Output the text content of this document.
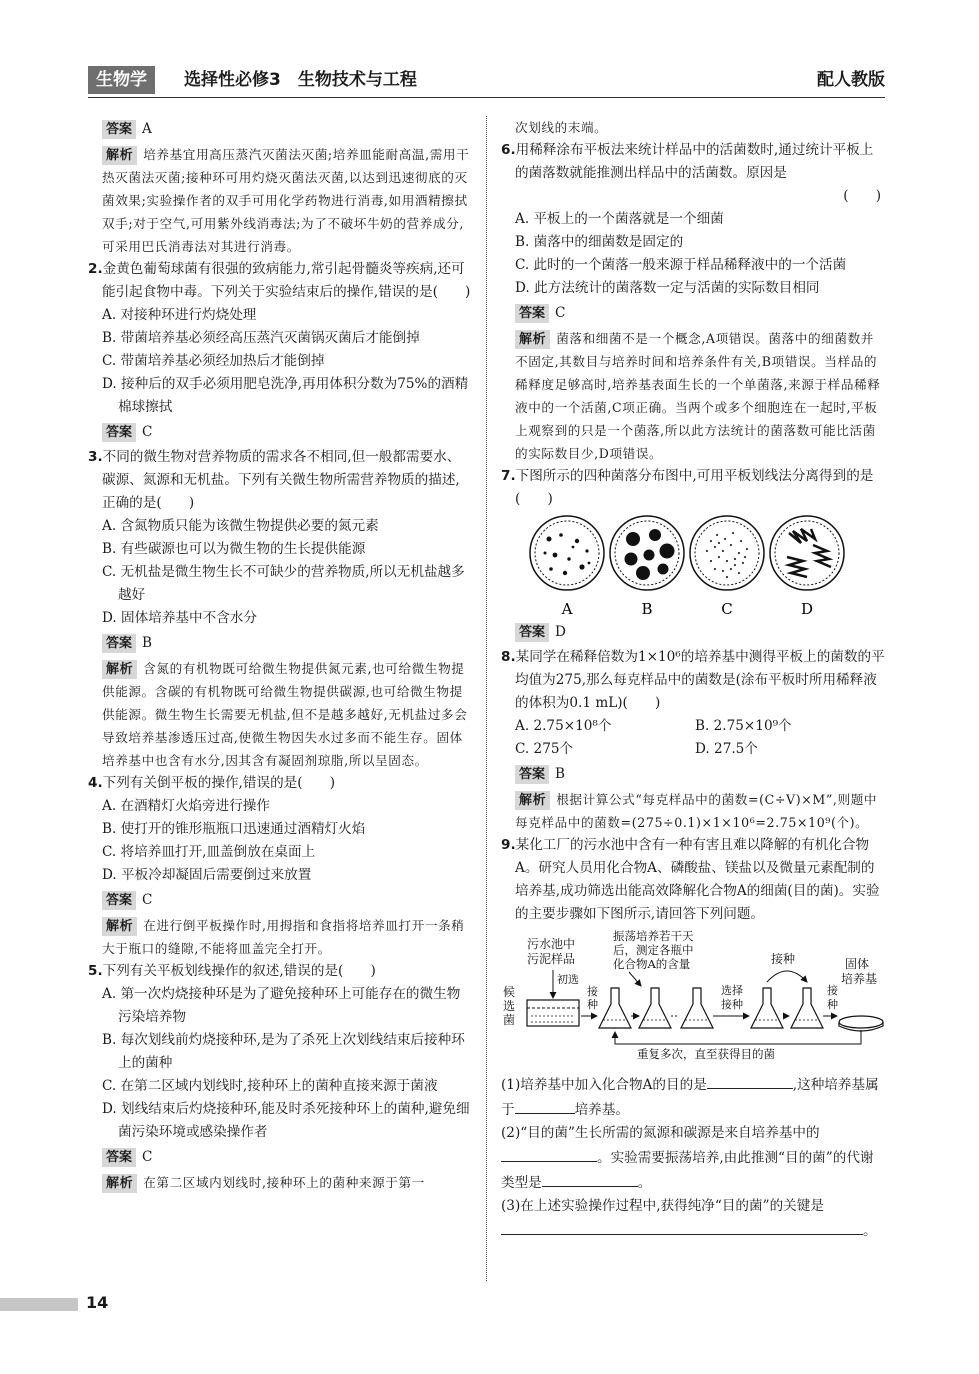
生物学	选择性必修3　生物技术与工程	配人教版

答案 A

解析 培养基宜用高压蒸汽灭菌法灭菌;培养皿能耐高温,需用干热灭菌法灭菌;接种环可用灼烧灭菌法灭菌,以达到迅速彻底的灭菌效果;实验操作者的双手可用化学药物进行消毒,如用酒精擦拭双手;对于空气,可用紫外线消毒法;为了不破坏牛奶的营养成分,可采用巴氏消毒法对其进行消毒。

2.金黄色葡萄球菌有很强的致病能力,常引起骨髓炎等疾病,还可能引起食物中毒。下列关于实验结束后的操作,错误的是(　　)

A. 对接种环进行灼烧处理

B. 带菌培养基必须经高压蒸汽灭菌锅灭菌后才能倒掉

C. 带菌培养基必须经加热后才能倒掉

D. 接种后的双手必须用肥皂洗净,再用体积分数为75%的酒精棉球擦拭

答案 C

3.不同的微生物对营养物质的需求各不相同,但一般都需要水、碳源、氮源和无机盐。下列有关微生物所需营养物质的描述,正确的是(　　)

A. 含氮物质只能为该微生物提供必要的氮元素

B. 有些碳源也可以为微生物的生长提供能源

C. 无机盐是微生物生长不可缺少的营养物质,所以无机盐越多越好

D. 固体培养基中不含水分

答案 B

解析 含氮的有机物既可给微生物提供氮元素,也可给微生物提供能源。含碳的有机物既可给微生物提供碳源,也可给微生物提供能源。微生物生长需要无机盐,但不是越多越好,无机盐过多会导致培养基渗透压过高,使微生物因失水过多而不能生存。固体培养基中也含有水分,因其含有凝固剂琼脂,所以呈固态。

4.下列有关倒平板的操作,错误的是(　　)

A. 在酒精灯火焰旁进行操作

B. 使打开的锥形瓶瓶口迅速通过酒精灯火焰

C. 将培养皿打开,皿盖倒放在桌面上

D. 平板冷却凝固后需要倒过来放置

答案 C

解析 在进行倒平板操作时,用拇指和食指将培养皿打开一条稍大于瓶口的缝隙,不能将皿盖完全打开。

5.下列有关平板划线操作的叙述,错误的是(　　)

A. 第一次灼烧接种环是为了避免接种环上可能存在的微生物污染培养物

B. 每次划线前灼烧接种环,是为了杀死上次划线结束后接种环上的菌种

C. 在第二区域内划线时,接种环上的菌种直接来源于菌液

D. 划线结束后灼烧接种环,能及时杀死接种环上的菌种,避免细菌污染环境或感染操作者

答案 C

解析 在第二区域内划线时,接种环上的菌种来源于第一

次划线的末端。

6.用稀释涂布平板法来统计样品中的活菌数时,通过统计平板上的菌落数就能推测出样品中的活菌数。原因是

(　　)

A. 平板上的一个菌落就是一个细菌

B. 菌落中的细菌数是固定的

C. 此时的一个菌落一般来源于样品稀释液中的一个活菌

D. 此方法统计的菌落数一定与活菌的实际数目相同

答案 C

解析 菌落和细菌不是一个概念,A项错误。菌落中的细菌数并不固定,其数目与培养时间和培养条件有关,B项错误。当样品的稀释度足够高时,培养基表面生长的一个单菌落,来源于样品稀释液中的一个活菌,C项正确。当两个或多个细胞连在一起时,平板上观察到的只是一个菌落,所以此方法统计的菌落数可能比活菌的实际数目少,D项错误。

7.下图所示的四种菌落分布图中,可用平板划线法分离得到的是(　　)

A	B	C	D

答案 D

8.某同学在稀释倍数为1×10⁶的培养基中测得平板上的菌数的平均值为275,那么每克样品中的菌数是(涂布平板时所用稀释液的体积为0.1 mL)(　　)

A. 2.75×10⁸个	B. 2.75×10⁹个
C. 275个	D. 27.5个

答案 B

解析 根据计算公式“每克样品中的菌数=(C÷V)×M”,则题中每克样品中的菌数=(275÷0.1)×1×10⁶=2.75×10⁹(个)。

9.某化工厂的污水池中含有一种有害且难以降解的有机化合物A。研究人员用化合物A、磷酸盐、镁盐以及微量元素配制的培养基,成功筛选出能高效降解化合物A的细菌(目的菌)。实验的主要步骤如下图所示,请回答下列问题。

污水池中
污泥样品
振荡培养若干天
后，测定各瓶中
化合物A的含量	接种	固体
培养基
候
选
菌
初选
接
种
选择
接种
接
种
重复多次，直至获得目的菌

(1)培养基中加入化合物A的目的是	,这种培养基属于	培养基。

(2)“目的菌”生长所需的氮源和碳源是来自培养基中的。实验需要振荡培养,由此推测“目的菌”的代谢类型是	。

(3)在上述实验操作过程中,获得纯净“目的菌”的关键是

。

14
